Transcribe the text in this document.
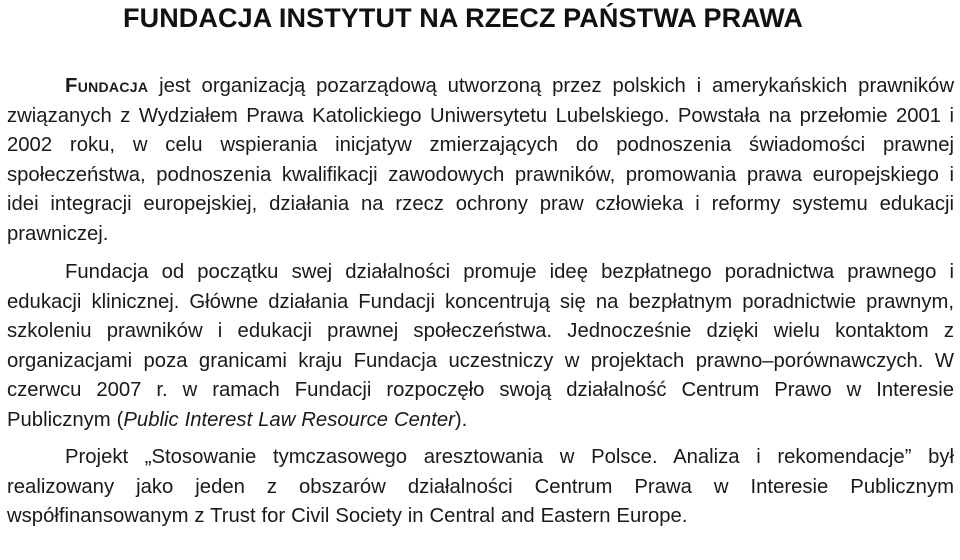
FUNDACJA INSTYTUT NA RZECZ PAŃSTWA PRAWA

Fundacja jest organizacją pozarządową utworzoną przez polskich i amerykańskich prawników związanych z Wydziałem Prawa Katolickiego Uniwersytetu Lubelskiego. Powstała na przełomie 2001 i 2002 roku, w celu wspierania inicjatyw zmierzających do podnoszenia świadomości prawnej społeczeństwa, podnoszenia kwalifikacji zawodowych prawników, promowania prawa europejskiego i idei integracji europejskiej, działania na rzecz ochrony praw człowieka i reformy systemu edukacji prawniczej.

Fundacja od początku swej działalności promuje ideę bezpłatnego poradnictwa prawnego i edukacji klinicznej. Główne działania Fundacji koncentrują się na bezpłatnym poradnictwie prawnym, szkoleniu prawników i edukacji prawnej społeczeństwa. Jednocześnie dzięki wielu kontaktom z organizacjami poza granicami kraju Fundacja uczestniczy w projektach prawno–porównawczych. W czerwcu 2007 r. w ramach Fundacji rozpoczęło swoją działalność Centrum Prawo w Interesie Publicznym (Public Interest Law Resource Center).

Projekt „Stosowanie tymczasowego aresztowania w Polsce. Analiza i rekomendacje” był realizowany jako jeden z obszarów działalności Centrum Prawa w Interesie Publicznym współfinansowanym z Trust for Civil Society in Central and Eastern Europe.
